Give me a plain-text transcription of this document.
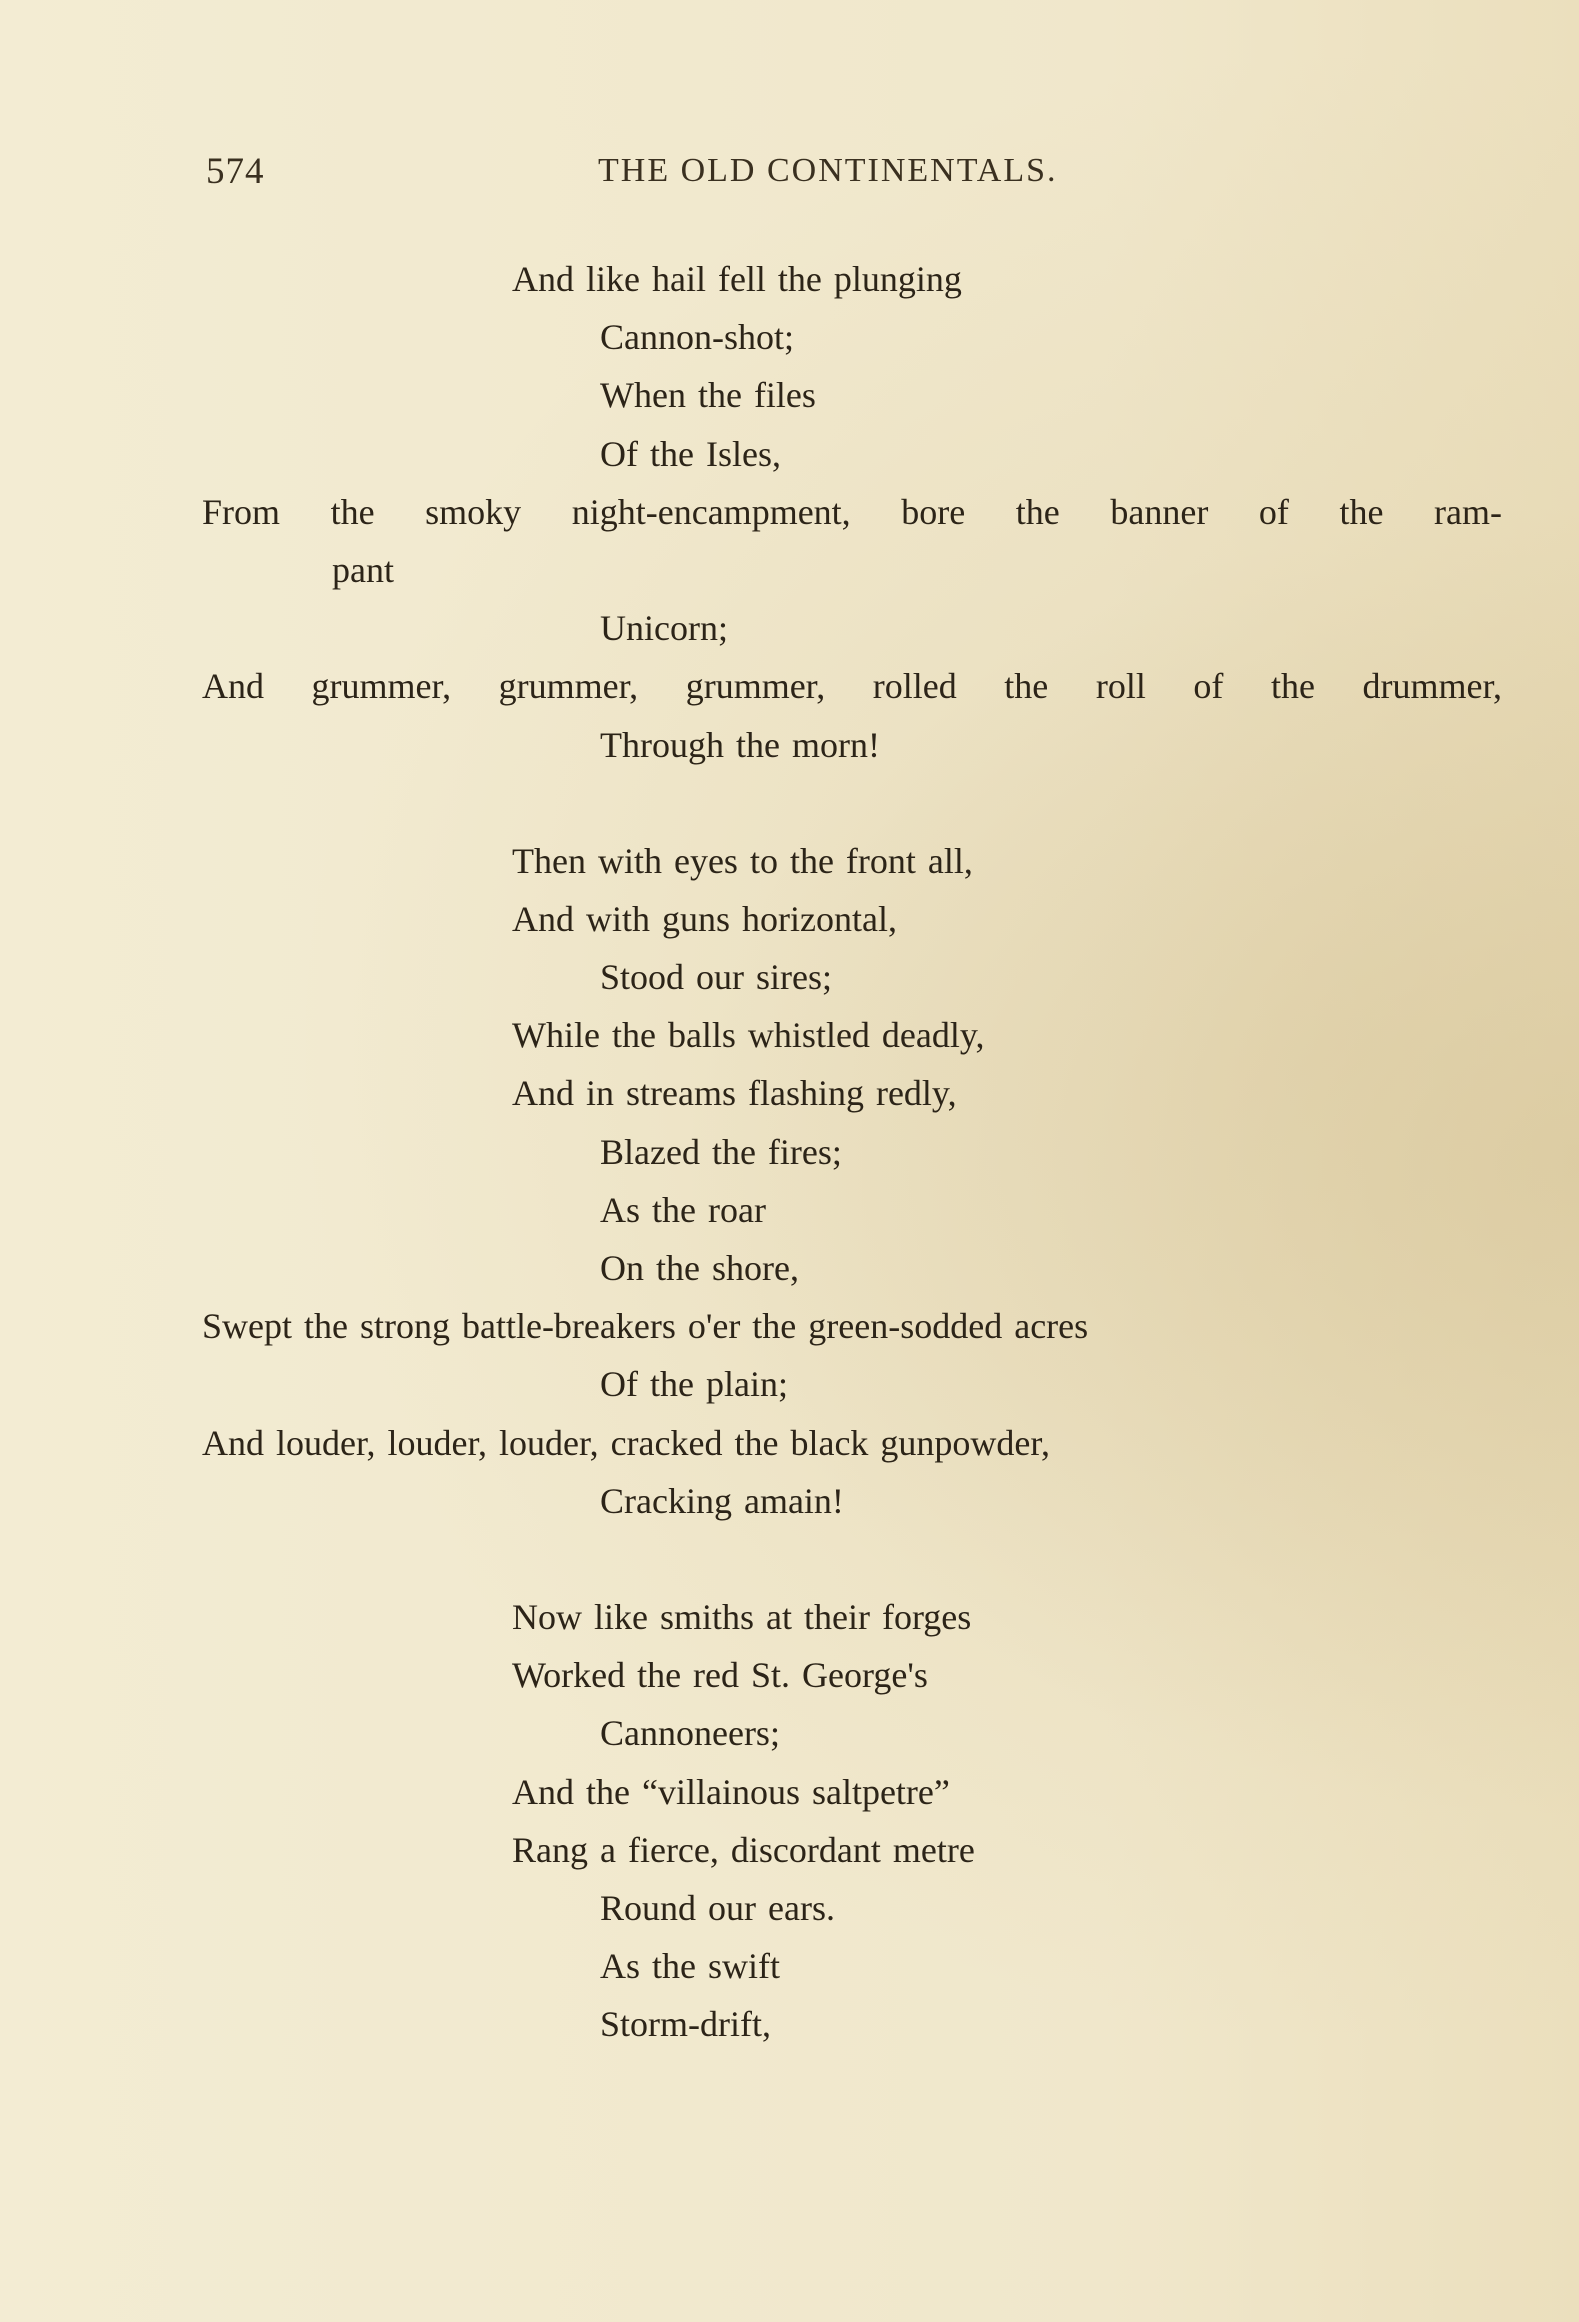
574	THE OLD CONTINENTALS.
And like hail fell the plunging
Cannon-shot;
When the files
Of the Isles,
From the smoky night-encampment, bore the banner of the ram-
pant
Unicorn;
And grummer, grummer, grummer, rolled the roll of the drummer,
Through the morn!
Then with eyes to the front all,
And with guns horizontal,
Stood our sires;
While the balls whistled deadly,
And in streams flashing redly,
Blazed the fires;
As the roar
On the shore,
Swept the strong battle-breakers o'er the green-sodded acres
Of the plain;
And louder, louder, louder, cracked the black gunpowder,
Cracking amain!
Now like smiths at their forges
Worked the red St. George's
Cannoneers;
And the “villainous saltpetre”
Rang a fierce, discordant metre
Round our ears.
As the swift
Storm-drift,
